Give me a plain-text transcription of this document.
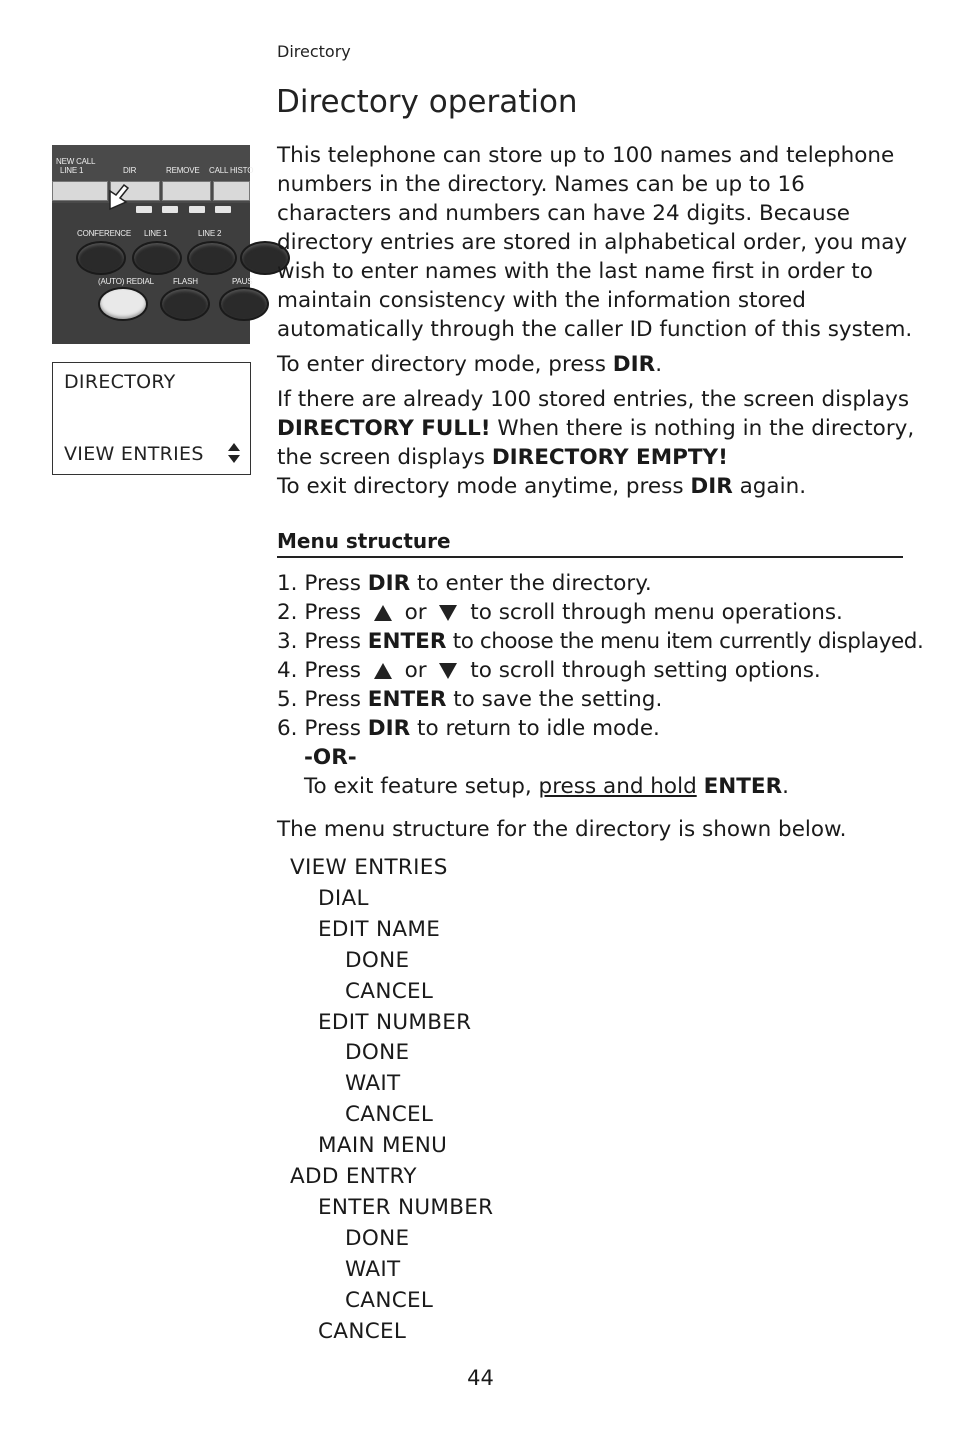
Directory
Directory operation
NEW CALL
LINE 1	DIR	REMOVE CALL HISTO
CONFERENCE LINE 1	LINE 2
(AUTO) REDIAL FLASH	PAUS
DIRECTORY
VIEW ENTRIES

This telephone can store up to 100 names and telephone numbers in the directory. Names can be up to 16 characters and numbers can have 24 digits. Because directory entries are stored in alphabetical order, you may wish to enter names with the last name first in order to maintain consistency with the information stored automatically through the caller ID function of this system.

To enter directory mode, press DIR.

If there are already 100 stored entries, the screen displays DIRECTORY FULL! When there is nothing in the directory, the screen displays DIRECTORY EMPTY!

To exit directory mode anytime, press DIR again.

Menu structure
1. Press DIR to enter the directory.
2. Press  or  to scroll through menu operations.
3. Press ENTER to choose the menu item currently displayed.
4. Press  or  to scroll through setting options.
5. Press ENTER to save the setting.
6. Press DIR to return to idle mode.
-OR-
To exit feature setup, press and hold ENTER.

The menu structure for the directory is shown below.

VIEW ENTRIES
DIAL
EDIT NAME
DONE
CANCEL
EDIT NUMBER
DONE
WAIT
CANCEL
MAIN MENU
ADD ENTRY
ENTER NUMBER
DONE
WAIT
CANCEL
CANCEL
44
